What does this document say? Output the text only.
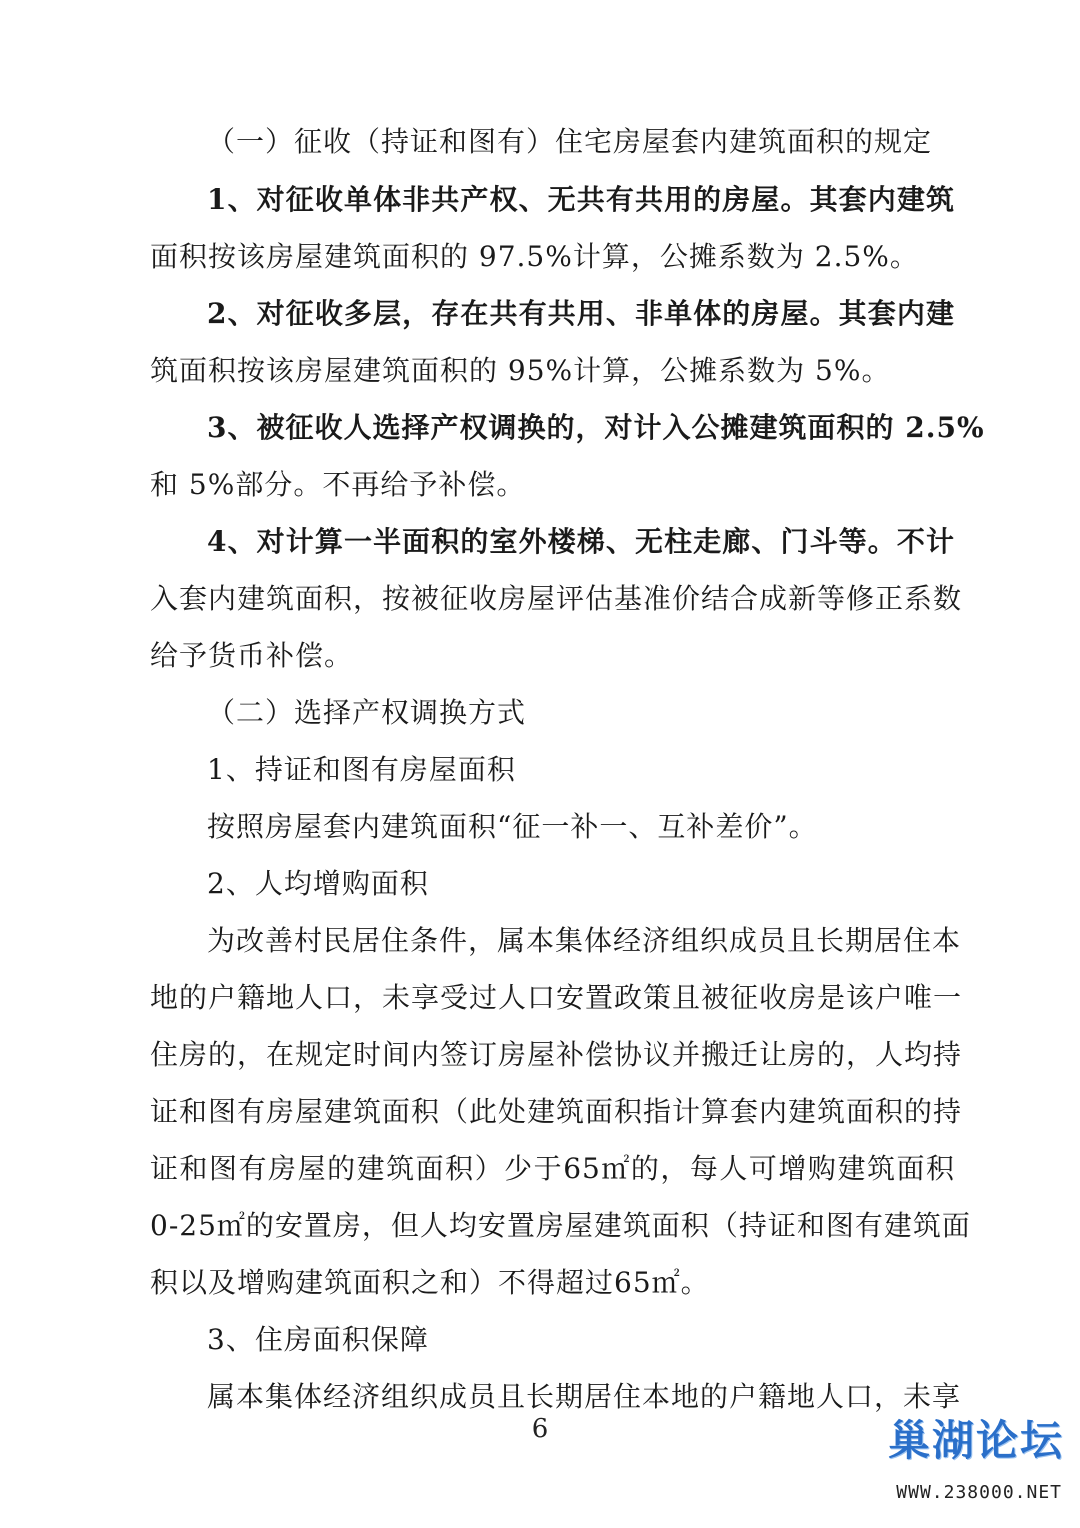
（一）征收（持证和图有）住宅房屋套内建筑面积的规定
1、对征收单体非共产权、无共有共用的房屋。其套内建筑
面积按该房屋建筑面积的 97.5%计算，公摊系数为 2.5%。
2、对征收多层，存在共有共用、非单体的房屋。其套内建
筑面积按该房屋建筑面积的 95%计算，公摊系数为 5%。
3、被征收人选择产权调换的，对计入公摊建筑面积的 2.5%
和 5%部分。不再给予补偿。
4、对计算一半面积的室外楼梯、无柱走廊、门斗等。不计
入套内建筑面积，按被征收房屋评估基准价结合成新等修正系数
给予货币补偿。
（二）选择产权调换方式
1、持证和图有房屋面积
按照房屋套内建筑面积“征一补一、互补差价”。
2、人均增购面积
为改善村民居住条件，属本集体经济组织成员且长期居住本
地的户籍地人口，未享受过人口安置政策且被征收房是该户唯一
住房的，在规定时间内签订房屋补偿协议并搬迁让房的，人均持
证和图有房屋建筑面积（此处建筑面积指计算套内建筑面积的持
证和图有房屋的建筑面积）少于65㎡的，每人可增购建筑面积
0-25㎡的安置房，但人均安置房屋建筑面积（持证和图有建筑面
积以及增购建筑面积之和）不得超过65㎡。
3、住房面积保障
属本集体经济组织成员且长期居住本地的户籍地人口，未享
6	巢湖论坛
WWW.238000.NET
